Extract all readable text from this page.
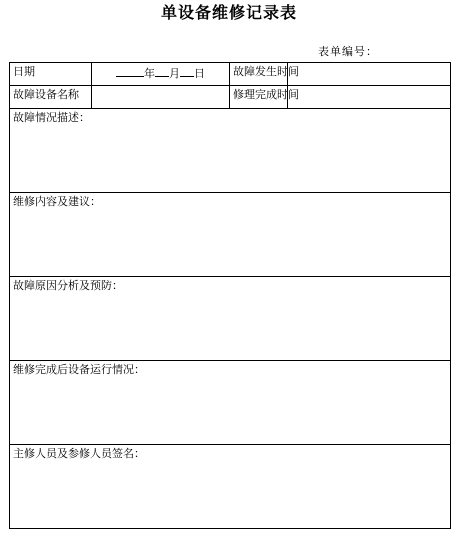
单设备维修记录表
表单编号：
日期	年 月 日	故障发生时间	
故障设备名称		修理完成时间	
故障情况描述：			
维修内容及建议：			
故障原因分析及预防：			
维修完成后设备运行情况：			
主修人员及参修人员签名：			
